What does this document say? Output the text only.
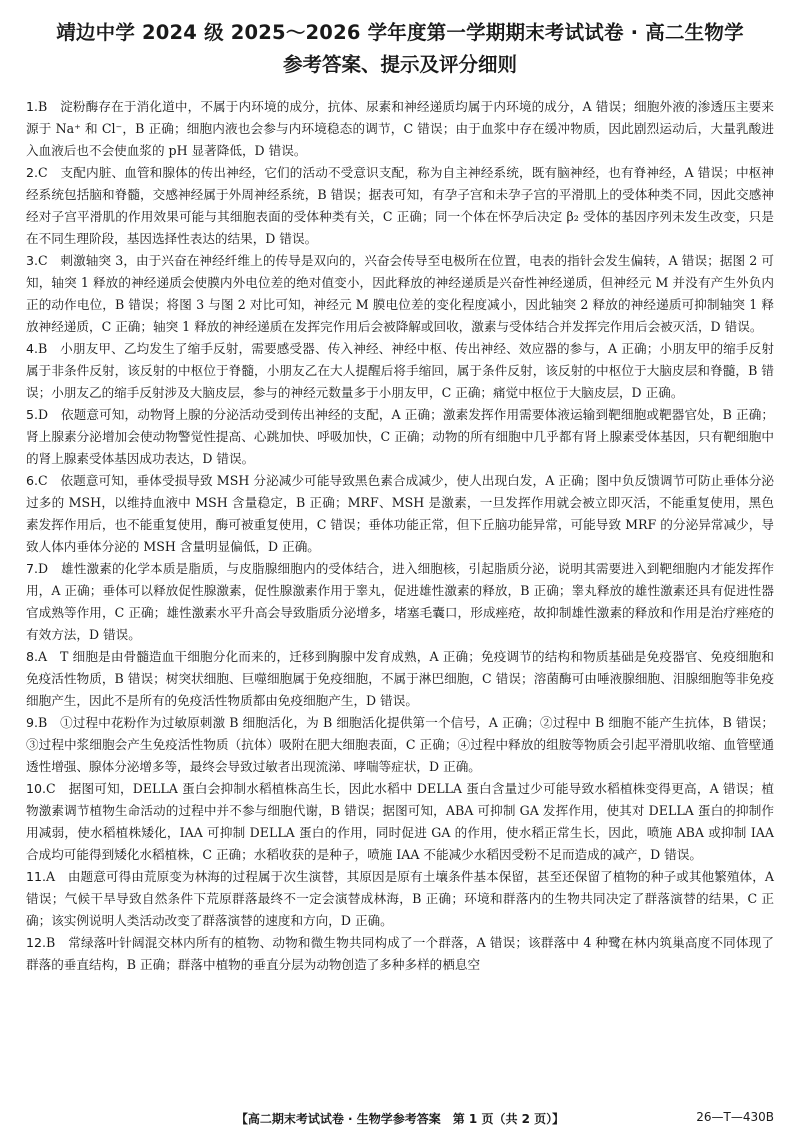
靖边中学 2024 级 2025～2026 学年度第一学期期末考试试卷 · 高二生物学
参考答案、提示及评分细则

1.B　淀粉酶存在于消化道中，不属于内环境的成分，抗体、尿素和神经递质均属于内环境的成分，A 错误；细胞外液的渗透压主要来源于 Na⁺ 和 Cl⁻，B 正确；细胞内液也会参与内环境稳态的调节，C 错误；由于血浆中存在缓冲物质，因此剧烈运动后，大量乳酸进入血液后也不会使血浆的 pH 显著降低，D 错误。

2.C　支配内脏、血管和腺体的传出神经，它们的活动不受意识支配，称为自主神经系统，既有脑神经，也有脊神经，A 错误；中枢神经系统包括脑和脊髓，交感神经属于外周神经系统，B 错误；据表可知，有孕子宫和未孕子宫的平滑肌上的受体种类不同，因此交感神经对子宫平滑肌的作用效果可能与其细胞表面的受体种类有关，C 正确；同一个体在怀孕后决定 β₂ 受体的基因序列未发生改变，只是在不同生理阶段，基因选择性表达的结果，D 错误。

3.C　刺激轴突 3，由于兴奋在神经纤维上的传导是双向的，兴奋会传导至电极所在位置，电表的指针会发生偏转，A 错误；据图 2 可知，轴突 1 释放的神经递质会使膜内外电位差的绝对值变小，因此释放的神经递质是兴奋性神经递质，但神经元 M 并没有产生外负内正的动作电位，B 错误；将图 3 与图 2 对比可知，神经元 M 膜电位差的变化程度减小，因此轴突 2 释放的神经递质可抑制轴突 1 释放神经递质，C 正确；轴突 1 释放的神经递质在发挥完作用后会被降解或回收，激素与受体结合并发挥完作用后会被灭活，D 错误。

4.B　小朋友甲、乙均发生了缩手反射，需要感受器、传入神经、神经中枢、传出神经、效应器的参与，A 正确；小朋友甲的缩手反射属于非条件反射，该反射的中枢位于脊髓，小朋友乙在大人提醒后将手缩回，属于条件反射，该反射的中枢位于大脑皮层和脊髓，B 错误；小朋友乙的缩手反射涉及大脑皮层，参与的神经元数量多于小朋友甲，C 正确；痛觉中枢位于大脑皮层，D 正确。

5.D　依题意可知，动物肾上腺的分泌活动受到传出神经的支配，A 正确；激素发挥作用需要体液运输到靶细胞或靶器官处，B 正确；肾上腺素分泌增加会使动物警觉性提高、心跳加快、呼吸加快，C 正确；动物的所有细胞中几乎都有肾上腺素受体基因，只有靶细胞中的肾上腺素受体基因成功表达，D 错误。

6.C　依题意可知，垂体受损导致 MSH 分泌减少可能导致黑色素合成减少，使人出现白发，A 正确；图中负反馈调节可防止垂体分泌过多的 MSH，以维持血液中 MSH 含量稳定，B 正确；MRF、MSH 是激素，一旦发挥作用就会被立即灭活，不能重复使用，黑色素发挥作用后，也不能重复使用，酶可被重复使用，C 错误；垂体功能正常，但下丘脑功能异常，可能导致 MRF 的分泌异常减少，导致人体内垂体分泌的 MSH 含量明显偏低，D 正确。

7.D　雄性激素的化学本质是脂质，与皮脂腺细胞内的受体结合，进入细胞核，引起脂质分泌，说明其需要进入到靶细胞内才能发挥作用，A 正确；垂体可以释放促性腺激素，促性腺激素作用于睾丸，促进雄性激素的释放，B 正确；睾丸释放的雄性激素还具有促进性器官成熟等作用，C 正确；雄性激素水平升高会导致脂质分泌增多，堵塞毛囊口，形成痤疮，故抑制雄性激素的释放和作用是治疗痤疮的有效方法，D 错误。

8.A　T 细胞是由骨髓造血干细胞分化而来的，迁移到胸腺中发育成熟，A 正确；免疫调节的结构和物质基础是免疫器官、免疫细胞和免疫活性物质，B 错误；树突状细胞、巨噬细胞属于免疫细胞，不属于淋巴细胞，C 错误；溶菌酶可由唾液腺细胞、泪腺细胞等非免疫细胞产生，因此不是所有的免疫活性物质都由免疫细胞产生，D 错误。

9.B　①过程中花粉作为过敏原刺激 B 细胞活化，为 B 细胞活化提供第一个信号，A 正确；②过程中 B 细胞不能产生抗体，B 错误；③过程中浆细胞会产生免疫活性物质（抗体）吸附在肥大细胞表面，C 正确；④过程中释放的组胺等物质会引起平滑肌收缩、血管壁通透性增强、腺体分泌增多等，最终会导致过敏者出现流涕、哮喘等症状，D 正确。

10.C　据图可知，DELLA 蛋白会抑制水稻植株高生长，因此水稻中 DELLA 蛋白含量过少可能导致水稻植株变得更高，A 错误；植物激素调节植物生命活动的过程中并不参与细胞代谢，B 错误；据图可知，ABA 可抑制 GA 发挥作用，使其对 DELLA 蛋白的抑制作用减弱，使水稻植株矮化，IAA 可抑制 DELLA 蛋白的作用，同时促进 GA 的作用，使水稻正常生长，因此，喷施 ABA 或抑制 IAA 合成均可能得到矮化水稻植株，C 正确；水稻收获的是种子，喷施 IAA 不能减少水稻因受粉不足而造成的减产，D 错误。

11.A　由题意可得由荒原变为林海的过程属于次生演替，其原因是原有土壤条件基本保留，甚至还保留了植物的种子或其他繁殖体，A 错误；气候干旱导致自然条件下荒原群落最终不一定会演替成林海，B 正确；环境和群落内的生物共同决定了群落演替的结果，C 正确；该实例说明人类活动改变了群落演替的速度和方向，D 正确。

12.B　常绿落叶针阔混交林内所有的植物、动物和微生物共同构成了一个群落，A 错误；该群落中 4 种鹭在林内筑巢高度不同体现了群落的垂直结构，B 正确；群落中植物的垂直分层为动物创造了多种多样的栖息空

【高二期末考试试卷 · 生物学参考答案　第 1 页（共 2 页）】	26—T—430B
